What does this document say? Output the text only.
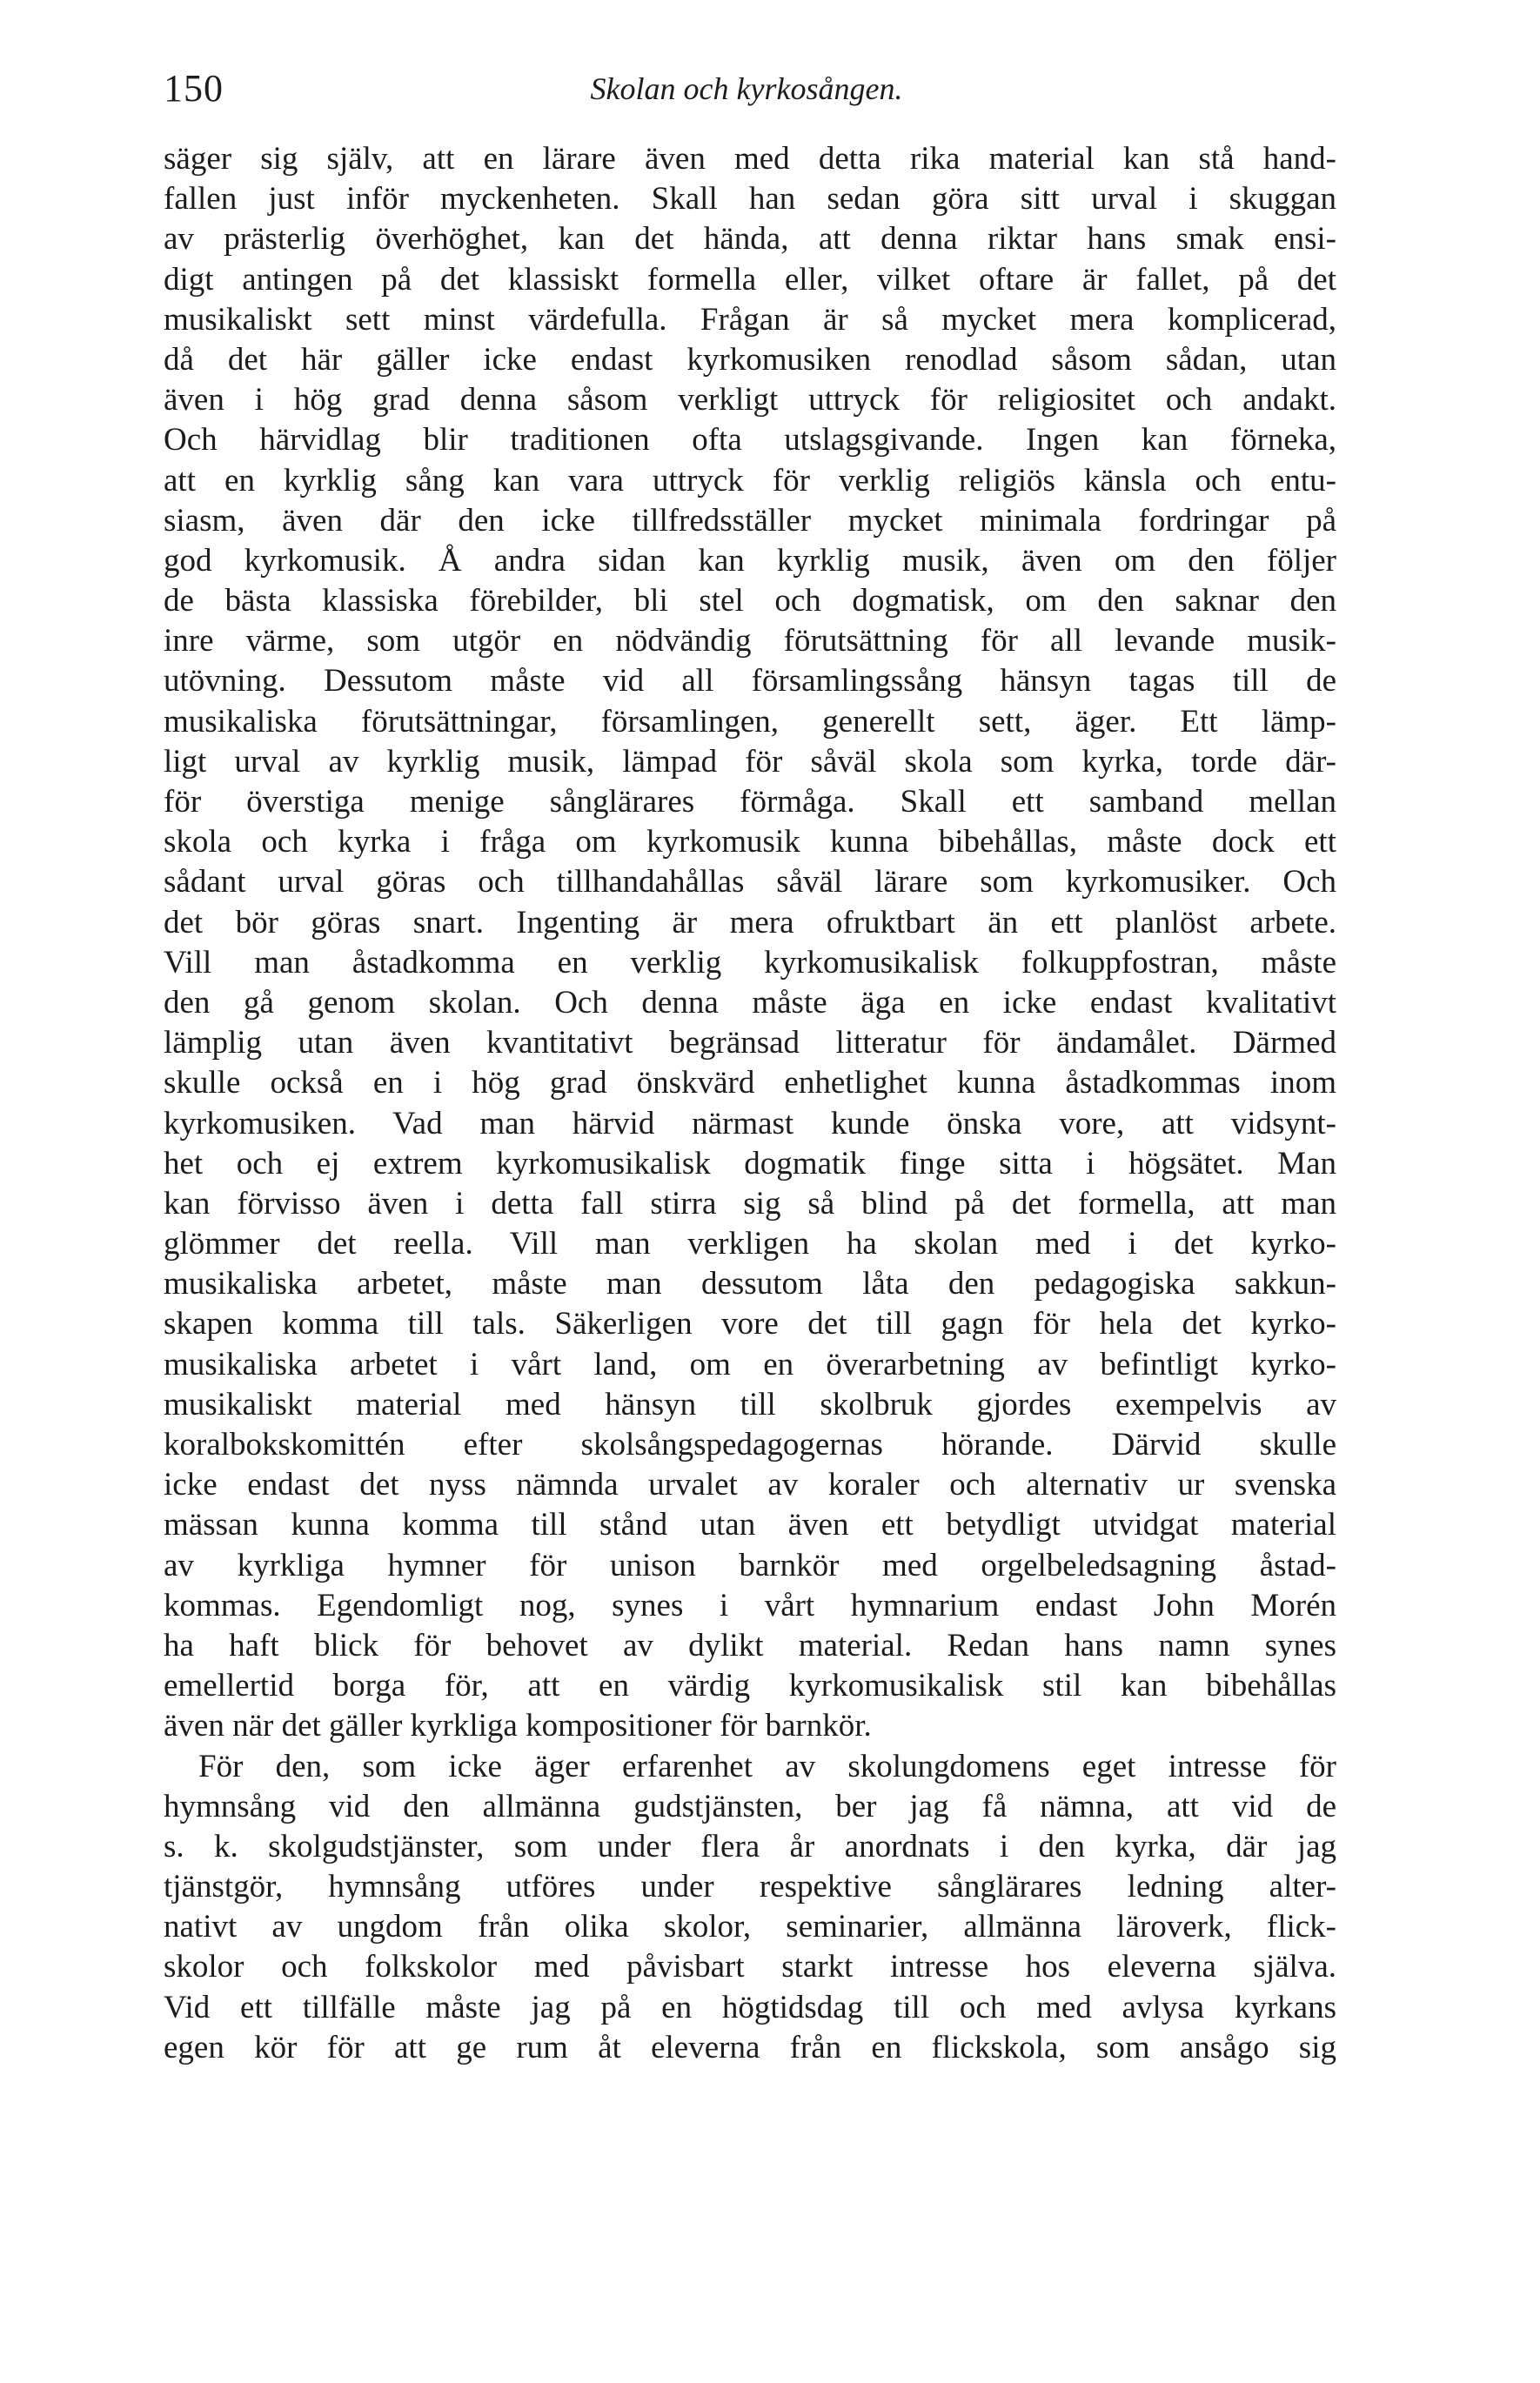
150	Skolan och kyrkosången.
säger sig själv, att en lärare även med detta rika material kan stå hand-
fallen just inför myckenheten. Skall han sedan göra sitt urval i skuggan
av prästerlig överhöghet, kan det hända, att denna riktar hans smak ensi-
digt antingen på det klassiskt formella eller, vilket oftare är fallet, på det
musikaliskt sett minst värdefulla. Frågan är så mycket mera komplicerad,
då det här gäller icke endast kyrkomusiken renodlad såsom sådan, utan
även i hög grad denna såsom verkligt uttryck för religiositet och andakt.
Och härvidlag blir traditionen ofta utslagsgivande. Ingen kan förneka,
att en kyrklig sång kan vara uttryck för verklig religiös känsla och entu-
siasm, även där den icke tillfredsställer mycket minimala fordringar på
god kyrkomusik. Å andra sidan kan kyrklig musik, även om den följer
de bästa klassiska förebilder, bli stel och dogmatisk, om den saknar den
inre värme, som utgör en nödvändig förutsättning för all levande musik-
utövning. Dessutom måste vid all församlingssång hänsyn tagas till de
musikaliska förutsättningar, församlingen, generellt sett, äger. Ett lämp-
ligt urval av kyrklig musik, lämpad för såväl skola som kyrka, torde där-
för överstiga menige sånglärares förmåga. Skall ett samband mellan
skola och kyrka i fråga om kyrkomusik kunna bibehållas, måste dock ett
sådant urval göras och tillhandahållas såväl lärare som kyrkomusiker. Och
det bör göras snart. Ingenting är mera ofruktbart än ett planlöst arbete.
Vill man åstadkomma en verklig kyrkomusikalisk folkuppfostran, måste
den gå genom skolan. Och denna måste äga en icke endast kvalitativt
lämplig utan även kvantitativt begränsad litteratur för ändamålet. Därmed
skulle också en i hög grad önskvärd enhetlighet kunna åstadkommas inom
kyrkomusiken. Vad man härvid närmast kunde önska vore, att vidsynt-
het och ej extrem kyrkomusikalisk dogmatik finge sitta i högsätet. Man
kan förvisso även i detta fall stirra sig så blind på det formella, att man
glömmer det reella. Vill man verkligen ha skolan med i det kyrko-
musikaliska arbetet, måste man dessutom låta den pedagogiska sakkun-
skapen komma till tals. Säkerligen vore det till gagn för hela det kyrko-
musikaliska arbetet i vårt land, om en överarbetning av befintligt kyrko-
musikaliskt material med hänsyn till skolbruk gjordes exempelvis av
koralbokskomittén efter skolsångspedagogernas hörande. Därvid skulle
icke endast det nyss nämnda urvalet av koraler och alternativ ur svenska
mässan kunna komma till stånd utan även ett betydligt utvidgat material
av kyrkliga hymner för unison barnkör med orgelbeledsagning åstad-
kommas. Egendomligt nog, synes i vårt hymnarium endast John Morén
ha haft blick för behovet av dylikt material. Redan hans namn synes
emellertid borga för, att en värdig kyrkomusikalisk stil kan bibehållas
även när det gäller kyrkliga kompositioner för barnkör.
För den, som icke äger erfarenhet av skolungdomens eget intresse för
hymnsång vid den allmänna gudstjänsten, ber jag få nämna, att vid de
s. k. skolgudstjänster, som under flera år anordnats i den kyrka, där jag
tjänstgör, hymnsång utföres under respektive sånglärares ledning alter-
nativt av ungdom från olika skolor, seminarier, allmänna läroverk, flick-
skolor och folkskolor med påvisbart starkt intresse hos eleverna själva.
Vid ett tillfälle måste jag på en högtidsdag till och med avlysa kyrkans
egen kör för att ge rum åt eleverna från en flickskola, som ansågo sig
